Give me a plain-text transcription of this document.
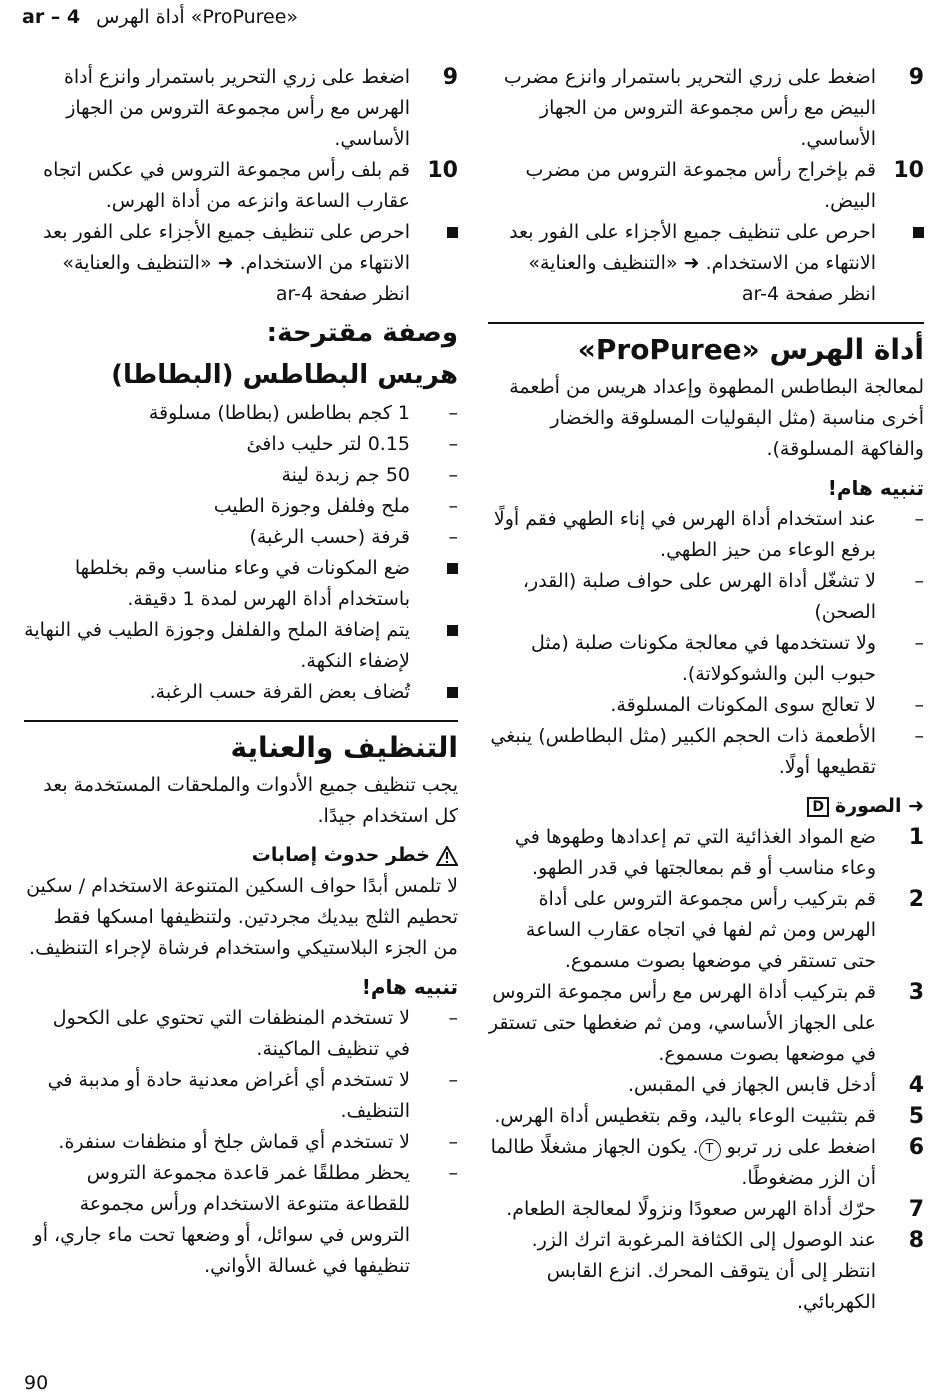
ar – 4 أداة الهرس «ProPuree»
9
اضغط على زري التحرير باستمرار وانزع مضرب البيض مع رأس مجموعة التروس من الجهاز الأساسي.
10
قم بإخراج رأس مجموعة التروس من مضرب البيض.
احرص على تنظيف جميع الأجزاء على الفور بعد الانتهاء من الاستخدام. ➜ «التنظيف والعناية» انظر صفحة ar-4
أداة الهرس «ProPuree»
لمعالجة البطاطس المطهوة وإعداد هريس من أطعمة أخرى مناسبة (مثل البقوليات المسلوقة والخضار والفاكهة المسلوقة).
تنبيه هام!
–
عند استخدام أداة الهرس في إناء الطهي فقم أولًا برفع الوعاء من حيز الطهي.
–
لا تشغّل أداة الهرس على حواف صلبة (القدر، الصحن)
–
ولا تستخدمها في معالجة مكونات صلبة (مثل حبوب البن والشوكولاتة).
–
لا تعالج سوى المكونات المسلوقة.
–
الأطعمة ذات الحجم الكبير (مثل البطاطس) ينبغي تقطيعها أولًا.
➜ الصورة
D
1
ضع المواد الغذائية التي تم إعدادها وطهوها في وعاء مناسب أو قم بمعالجتها في قدر الطهو.
2
قم بتركيب رأس مجموعة التروس على أداة الهرس ومن ثم لفها في اتجاه عقارب الساعة حتى تستقر في موضعها بصوت مسموع.
3
قم بتركيب أداة الهرس مع رأس مجموعة التروس على الجهاز الأساسي، ومن ثم ضغطها حتى تستقر في موضعها بصوت مسموع.
4
أدخل قابس الجهاز في المقبس.
5
قم بتثبيت الوعاء باليد، وقم بتغطيس أداة الهرس.
6
اضغط على زر تربو T. يكون الجهاز مشغلًا طالما أن الزر مضغوطًا.
7
حرّك أداة الهرس صعودًا ونزولًا لمعالجة الطعام.
8
عند الوصول إلى الكثافة المرغوبة اترك الزر. انتظر إلى أن يتوقف المحرك. انزع القابس الكهربائي.
9
اضغط على زري التحرير باستمرار وانزع أداة الهرس مع رأس مجموعة التروس من الجهاز الأساسي.
10
قم بلف رأس مجموعة التروس في عكس اتجاه عقارب الساعة وانزعه من أداة الهرس.
احرص على تنظيف جميع الأجزاء على الفور بعد الانتهاء من الاستخدام. ➜ «التنظيف والعناية» انظر صفحة ar-4
وصفة مقترحة:
هريس البطاطس (البطاطا)
–
1 كجم بطاطس (بطاطا) مسلوقة
–
0.15 لتر حليب دافئ
–
50 جم زبدة لينة
–
ملح وفلفل وجوزة الطيب
–
قرفة (حسب الرغبة)
ضع المكونات في وعاء مناسب وقم بخلطها باستخدام أداة الهرس لمدة 1 دقيقة.
يتم إضافة الملح والفلفل وجوزة الطيب في النهاية لإضفاء النكهة.
تُضاف بعض القرفة حسب الرغبة.
التنظيف والعناية
يجب تنظيف جميع الأدوات والملحقات المستخدمة بعد كل استخدام جيدًا.
خطر حدوث إصابات
لا تلمس أبدًا حواف السكين المتنوعة الاستخدام / سكين تحطيم الثلج بيديك مجردتين. ولتنظيفها امسكها فقط من الجزء البلاستيكي واستخدام فرشاة لإجراء التنظيف.
تنبيه هام!
–
لا تستخدم المنظفات التي تحتوي على الكحول في تنظيف الماكينة.
–
لا تستخدم أي أغراض معدنية حادة أو مدببة في التنظيف.
–
لا تستخدم أي قماش جلخ أو منظفات سنفرة.
–
يحظر مطلقًا غمر قاعدة مجموعة التروس للقطاعة متنوعة الاستخدام ورأس مجموعة التروس في سوائل، أو وضعها تحت ماء جاري، أو تنظيفها في غسالة الأواني.
90
